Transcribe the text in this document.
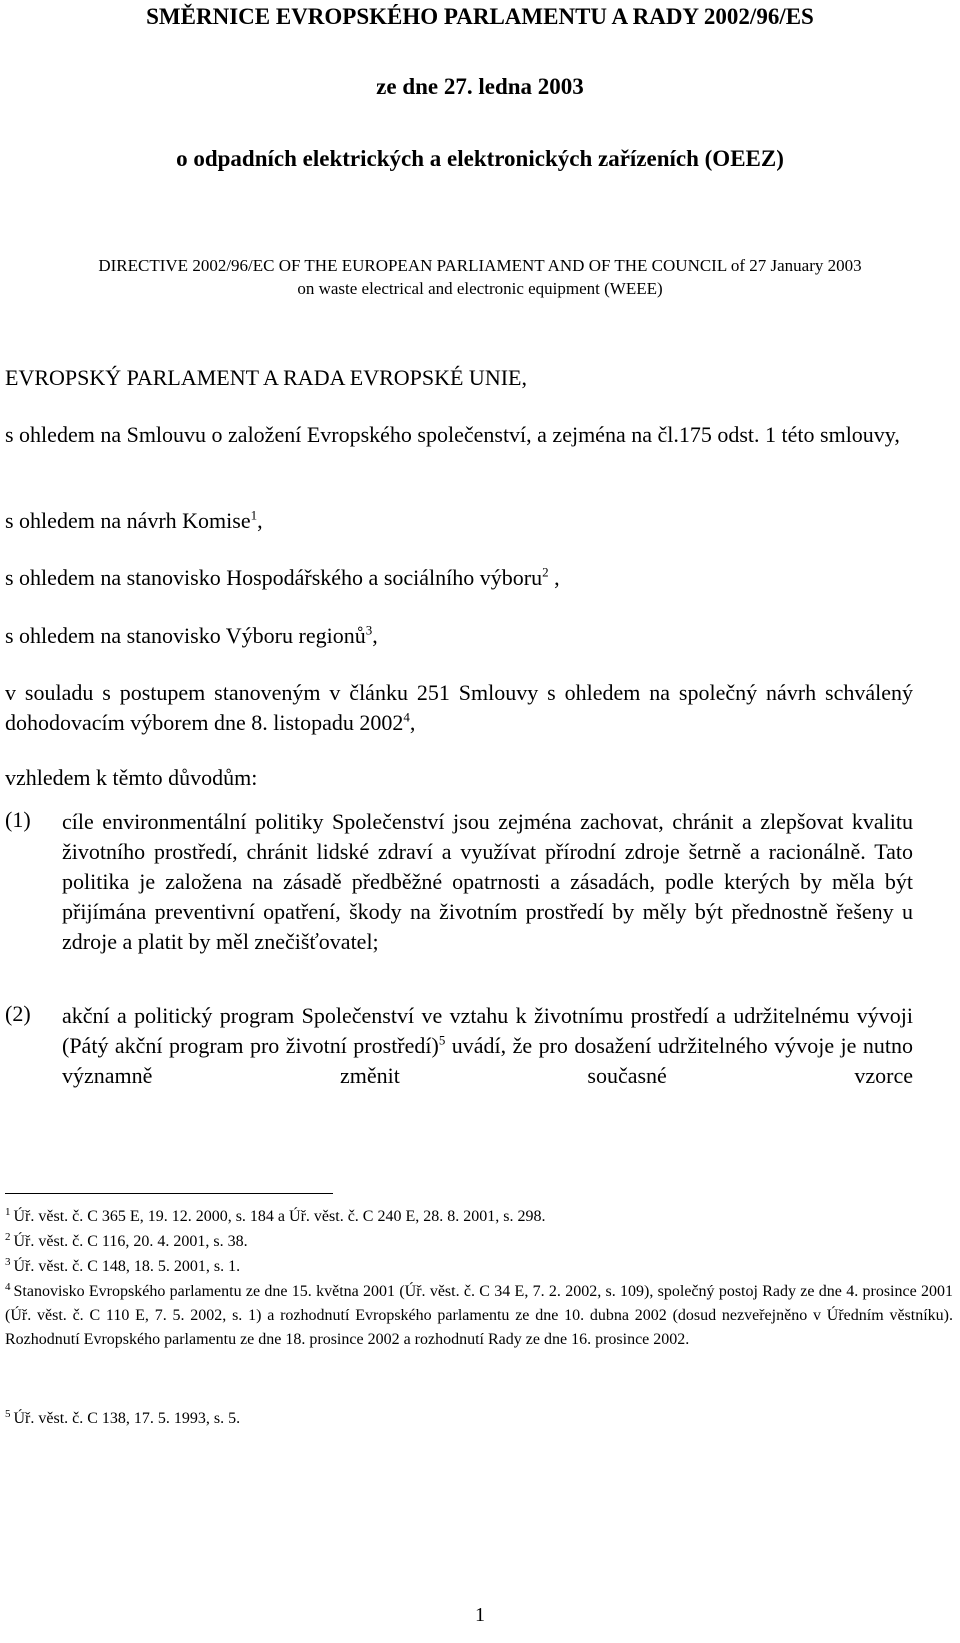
SMĚRNICE EVROPSKÉHO PARLAMENTU A RADY 2002/96/ES
ze dne 27. ledna 2003
o odpadních elektrických a elektronických zařízeních (OEEZ)
DIRECTIVE 2002/96/EC OF THE EUROPEAN PARLIAMENT AND OF THE COUNCIL of 27 January 2003
on waste electrical and electronic equipment (WEEE)
EVROPSKÝ PARLAMENT A RADA EVROPSKÉ UNIE,

s ohledem na Smlouvu o založení Evropského společenství, a zejména na čl.175 odst. 1 této smlouvy,

s ohledem na návrh Komise$^1$,
s ohledem na stanovisko Hospodářského a sociálního výboru$^2$ ,
s ohledem na stanovisko Výboru regionů$^3$,

v souladu s postupem stanoveným v článku 251 Smlouvy s ohledem na společný návrh schválený dohodovacím výborem dne 8. listopadu 2002$^4$,

vzhledem k těmto důvodům:
(1) cíle environmentální politiky Společenství jsou zejména zachovat, chránit a zlepšovat kvalitu životního prostředí, chránit lidské zdraví a využívat přírodní zdroje šetrně a racionálně. Tato politika je založena na zásadě předběžné opatrnosti a zásadách, podle kterých by měla být přijímána preventivní opatření, škody na životním prostředí by měly být přednostně řešeny u zdroje a platit by měl znečišťovatel;

(2) akční a politický program Společenství ve vztahu k životnímu prostředí a udržitelnému vývoji (Pátý akční program pro životní prostředí)$^5$ uvádí, že pro dosažení udržitelného vývoje je nutno významně změnit současné vzorce

$^1$ Úř. věst. č. C 365 E, 19. 12. 2000, s. 184 a Úř. věst. č. C 240 E, 28. 8. 2001, s. 298.

$^2$ Úř. věst. č. C 116, 20. 4. 2001, s. 38.

$^3$ Úř. věst. č. C 148, 18. 5. 2001, s. 1.

$^4$ Stanovisko Evropského parlamentu ze dne 15. května 2001 (Úř. věst. č. C 34 E, 7. 2. 2002, s. 109), společný postoj Rady ze dne 4. prosince 2001 (Úř. věst. č. C 110 E, 7. 5. 2002, s. 1) a rozhodnutí Evropského parlamentu ze dne 10. dubna 2002 (dosud nezveřejněno v Úředním věstníku). Rozhodnutí Evropského parlamentu ze dne 18. prosince 2002 a rozhodnutí Rady ze dne 16. prosince 2002.

$^5$ Úř. věst. č. C 138, 17. 5. 1993, s. 5.

1
